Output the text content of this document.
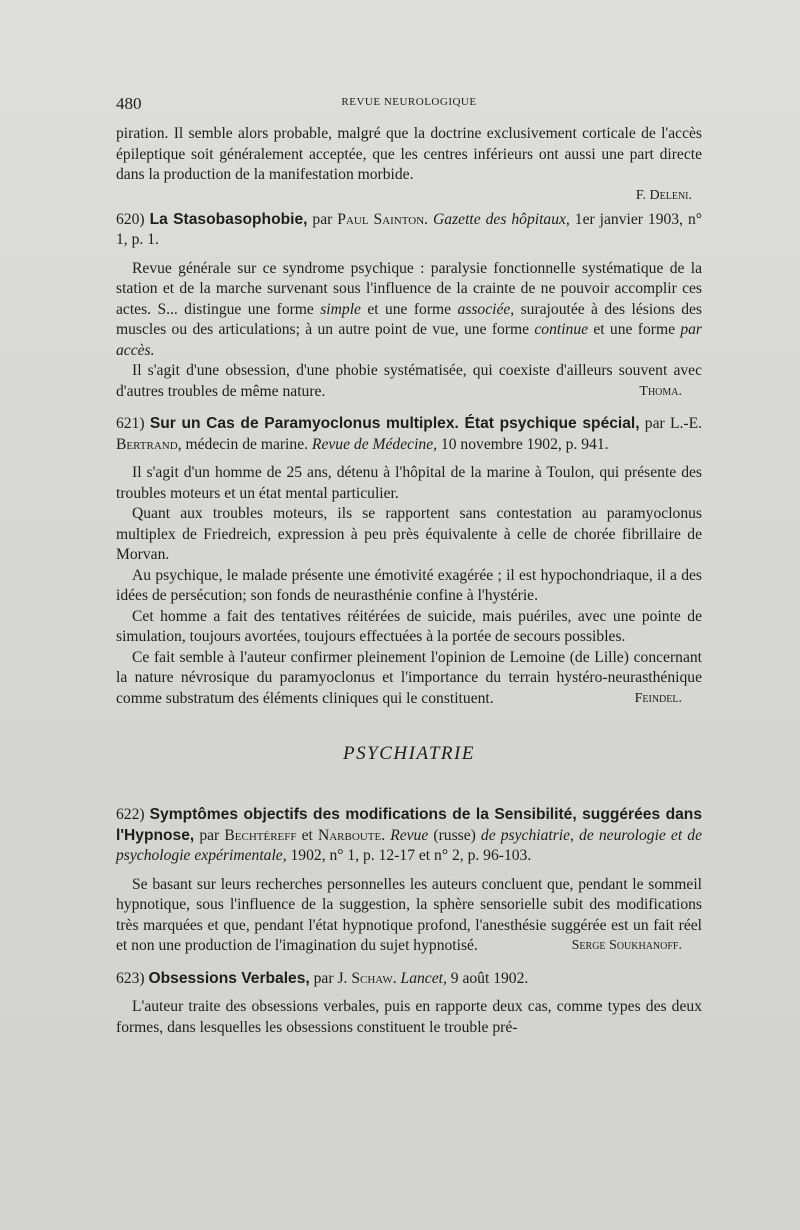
480	REVUE NEUROLOGIQUE

piration. Il semble alors probable, malgré que la doctrine exclusivement corticale de l'accès épileptique soit généralement acceptée, que les centres inférieurs ont aussi une part directe dans la production de la manifestation morbide.

F. Deleni.

620) La Stasobasophobie, par Paul Sainton. Gazette des hôpitaux, 1er janvier 1903, n° 1, p. 1.

Revue générale sur ce syndrome psychique : paralysie fonctionnelle systématique de la station et de la marche survenant sous l'influence de la crainte de ne pouvoir accomplir ces actes. S... distingue une forme simple et une forme associée, surajoutée à des lésions des muscles ou des articulations; à un autre point de vue, une forme continue et une forme par accès.

Il s'agit d'une obsession, d'une phobie systématisée, qui coexiste d'ailleurs souvent avec d'autres troubles de même nature.	Thoma.

621) Sur un Cas de Paramyoclonus multiplex. État psychique spécial, par L.-E. Bertrand, médecin de marine. Revue de Médecine, 10 novembre 1902, p. 941.

Il s'agit d'un homme de 25 ans, détenu à l'hôpital de la marine à Toulon, qui présente des troubles moteurs et un état mental particulier.

Quant aux troubles moteurs, ils se rapportent sans contestation au paramyoclonus multiplex de Friedreich, expression à peu près équivalente à celle de chorée fibrillaire de Morvan.

Au psychique, le malade présente une émotivité exagérée ; il est hypochondriaque, il a des idées de persécution; son fonds de neurasthénie confine à l'hystérie.

Cet homme a fait des tentatives réitérées de suicide, mais puériles, avec une pointe de simulation, toujours avortées, toujours effectuées à la portée de secours possibles.

Ce fait semble à l'auteur confirmer pleinement l'opinion de Lemoine (de Lille) concernant la nature névrosique du paramyoclonus et l'importance du terrain hystéro-neurasthénique comme substratum des éléments cliniques qui le constituent.	Feindel.

PSYCHIATRIE

622) Symptômes objectifs des modifications de la Sensibilité, suggérées dans l'Hypnose, par Bechtéreff et Narboute. Revue (russe) de psychiatrie, de neurologie et de psychologie expérimentale, 1902, n° 1, p. 12-17 et n° 2, p. 96-103.

Se basant sur leurs recherches personnelles les auteurs concluent que, pendant le sommeil hypnotique, sous l'influence de la suggestion, la sphère sensorielle subit des modifications très marquées et que, pendant l'état hypnotique profond, l'anesthésie suggérée est un fait réel et non une production de l'imagination du sujet hypnotisé.	Serge Soukhanoff.

623) Obsessions Verbales, par J. Schaw. Lancet, 9 août 1902.

L'auteur traite des obsessions verbales, puis en rapporte deux cas, comme types des deux formes, dans lesquelles les obsessions constituent le trouble pré-
